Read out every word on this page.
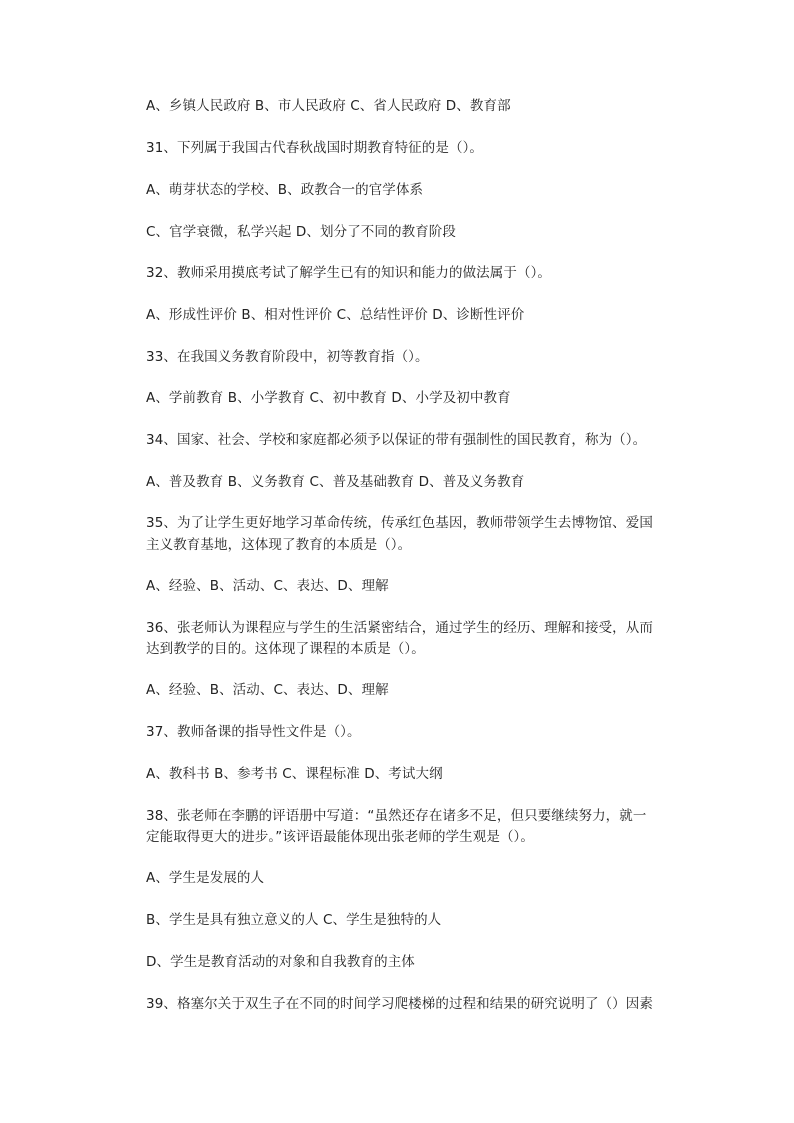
A、乡镇人民政府 B、市人民政府 C、省人民政府 D、教育部
31、下列属于我国古代春秋战国时期教育特征的是（）。
A、萌芽状态的学校、B、政教合一的官学体系
C、官学衰微，私学兴起 D、划分了不同的教育阶段
32、教师采用摸底考试了解学生已有的知识和能力的做法属于（）。
A、形成性评价 B、相对性评价 C、总结性评价 D、诊断性评价
33、在我国义务教育阶段中，初等教育指（）。
A、学前教育 B、小学教育 C、初中教育 D、小学及初中教育
34、国家、社会、学校和家庭都必须予以保证的带有强制性的国民教育，称为（）。
A、普及教育 B、义务教育 C、普及基础教育 D、普及义务教育
35、为了让学生更好地学习革命传统，传承红色基因，教师带领学生去博物馆、爱国
主义教育基地，这体现了教育的本质是（）。
A、经验、B、活动、C、表达、D、理解
36、张老师认为课程应与学生的生活紧密结合，通过学生的经历、理解和接受，从而
达到教学的目的。这体现了课程的本质是（）。
A、经验、B、活动、C、表达、D、理解
37、教师备课的指导性文件是（）。
A、教科书 B、参考书 C、课程标准 D、考试大纲
38、张老师在李鹏的评语册中写道：“虽然还存在诸多不足，但只要继续努力，就一
定能取得更大的进步。”该评语最能体现出张老师的学生观是（）。
A、学生是发展的人
B、学生是具有独立意义的人 C、学生是独特的人
D、学生是教育活动的对象和自我教育的主体
39、格塞尔关于双生子在不同的时间学习爬楼梯的过程和结果的研究说明了（）因素
